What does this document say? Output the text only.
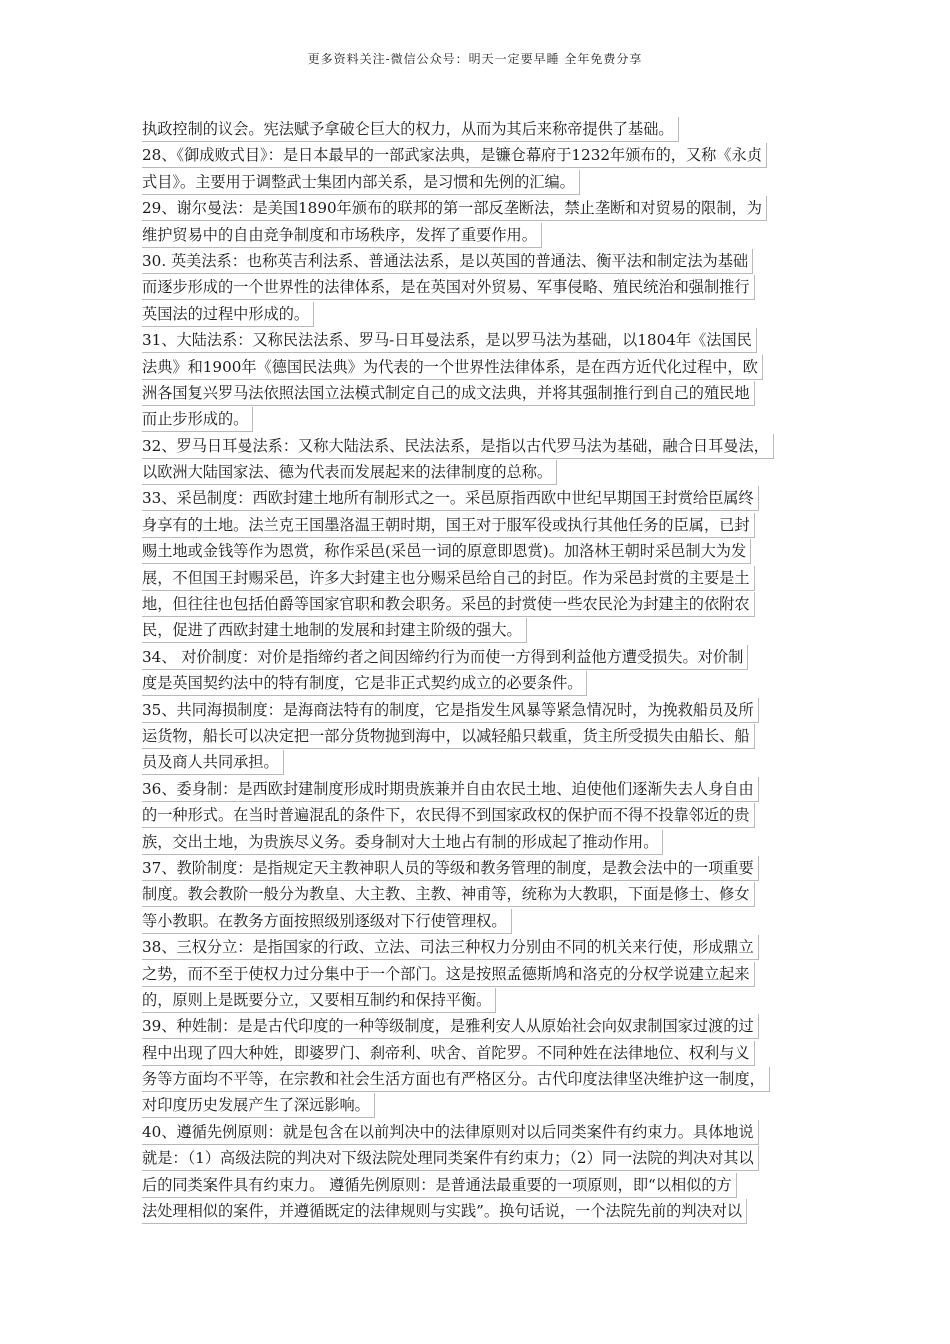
更多资料关注-微信公众号：明天一定要早睡 全年免费分享
执政控制的议会。宪法赋予拿破仑巨大的权力，从而为其后来称帝提供了基础。
28、《御成败式目》：是日本最早的一部武家法典，是镰仓幕府于1232年颁布的，又称《永贞
式目》。主要用于调整武士集团内部关系，是习惯和先例的汇编。
29、谢尔曼法：是美国1890年颁布的联邦的第一部反垄断法，禁止垄断和对贸易的限制，为
维护贸易中的自由竞争制度和市场秩序，发挥了重要作用。
30. 英美法系：也称英吉利法系、普通法法系，是以英国的普通法、衡平法和制定法为基础
而逐步形成的一个世界性的法律体系，是在英国对外贸易、军事侵略、殖民统治和强制推行
英国法的过程中形成的。
31、大陆法系：又称民法法系、罗马-日耳曼法系，是以罗马法为基础，以1804年《法国民
法典》和1900年《德国民法典》为代表的一个世界性法律体系，是在西方近代化过程中，欧
洲各国复兴罗马法依照法国立法模式制定自己的成文法典，并将其强制推行到自己的殖民地
而止步形成的。
32、罗马日耳曼法系：又称大陆法系、民法法系，是指以古代罗马法为基础，融合日耳曼法，
以欧洲大陆国家法、德为代表而发展起来的法律制度的总称。
33、采邑制度：西欧封建土地所有制形式之一。采邑原指西欧中世纪早期国王封赏给臣属终
身享有的土地。法兰克王国墨洛温王朝时期，国王对于服军役或执行其他任务的臣属，已封
赐土地或金钱等作为恩赏，称作采邑(采邑一词的原意即恩赏)。加洛林王朝时采邑制大为发
展，不但国王封赐采邑，许多大封建主也分赐采邑给自己的封臣。作为采邑封赏的主要是土
地，但往往也包括伯爵等国家官职和教会职务。采邑的封赏使一些农民沦为封建主的依附农
民，促进了西欧封建土地制的发展和封建主阶级的强大。
34、 对价制度：对价是指缔约者之间因缔约行为而使一方得到利益他方遭受损失。对价制
度是英国契约法中的特有制度，它是非正式契约成立的必要条件。
35、共同海损制度：是海商法特有的制度，它是指发生风暴等紧急情况时，为挽救船员及所
运货物，船长可以决定把一部分货物抛到海中，以减轻船只载重，货主所受损失由船长、船
员及商人共同承担。
36、委身制：是西欧封建制度形成时期贵族兼并自由农民土地、迫使他们逐渐失去人身自由
的一种形式。在当时普遍混乱的条件下，农民得不到国家政权的保护而不得不投靠邻近的贵
族，交出土地，为贵族尽义务。委身制对大土地占有制的形成起了推动作用。
37、教阶制度：是指规定天主教神职人员的等级和教务管理的制度，是教会法中的一项重要
制度。教会教阶一般分为教皇、大主教、主教、神甫等，统称为大教职，下面是修士、修女
等小教职。在教务方面按照级别逐级对下行使管理权。
38、三权分立：是指国家的行政、立法、司法三种权力分别由不同的机关来行使，形成鼎立
之势，而不至于使权力过分集中于一个部门。这是按照孟德斯鸠和洛克的分权学说建立起来
的，原则上是既要分立，又要相互制约和保持平衡。
39、种姓制：是是古代印度的一种等级制度，是雅利安人从原始社会向奴隶制国家过渡的过
程中出现了四大种姓，即婆罗门、刹帝利、吠舍、首陀罗。不同种姓在法律地位、权利与义
务等方面均不平等，在宗教和社会生活方面也有严格区分。古代印度法律坚决维护这一制度，
对印度历史发展产生了深远影响。
40、遵循先例原则：就是包含在以前判决中的法律原则对以后同类案件有约束力。具体地说
就是：（1）高级法院的判决对下级法院处理同类案件有约束力；（2）同一法院的判决对其以
后的同类案件具有约束力。 遵循先例原则：是普通法最重要的一项原则，即“以相似的方
法处理相似的案件，并遵循既定的法律规则与实践”。换句话说，一个法院先前的判决对以
